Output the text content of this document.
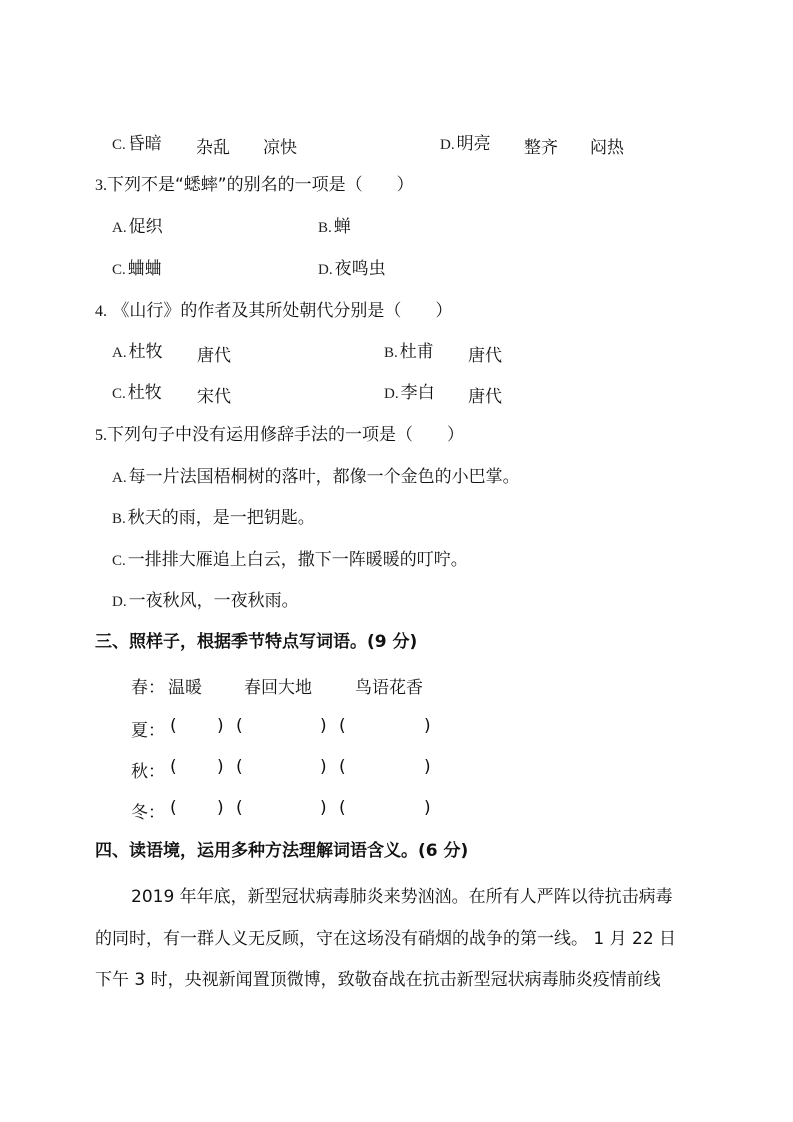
C. 昏暗 杂乱 凉快	D. 明亮 整齐 闷热
3.下列不是“蟋蟀”的别名的一项是（　　）
A. 促织	B. 蝉
C. 蛐蛐	D. 夜鸣虫
4. 《山行》的作者及其所处朝代分别是（　　）
A. 杜牧 唐代	B. 杜甫 唐代
C. 杜牧 宋代	D. 李白 唐代
5.下列句子中没有运用修辞手法的一项是（　　）
A. 每一片法国梧桐树的落叶，都像一个金色的小巴掌。
B. 秋天的雨，是一把钥匙。
C. 一排排大雁追上白云，撒下一阵暖暖的叮咛。
D. 一夜秋风，一夜秋雨。
三、照样子，根据季节特点写词语。(9 分)
春： 温暖 春回大地	鸟语花香
夏： ( ) (	) (	)
秋： ( ) (	) (	)
冬： ( ) (	) (	)
四、读语境，运用多种方法理解词语含义。(6 分)
2019 年年底，新型冠状病毒肺炎来势汹汹。在所有人严阵以待抗击病毒
的同时，有一群人义无反顾，守在这场没有硝烟的战争的第一线。 1 月 22 日
下午 3 时，央视新闻置顶微博，致敬奋战在抗击新型冠状病毒肺炎疫情前线
